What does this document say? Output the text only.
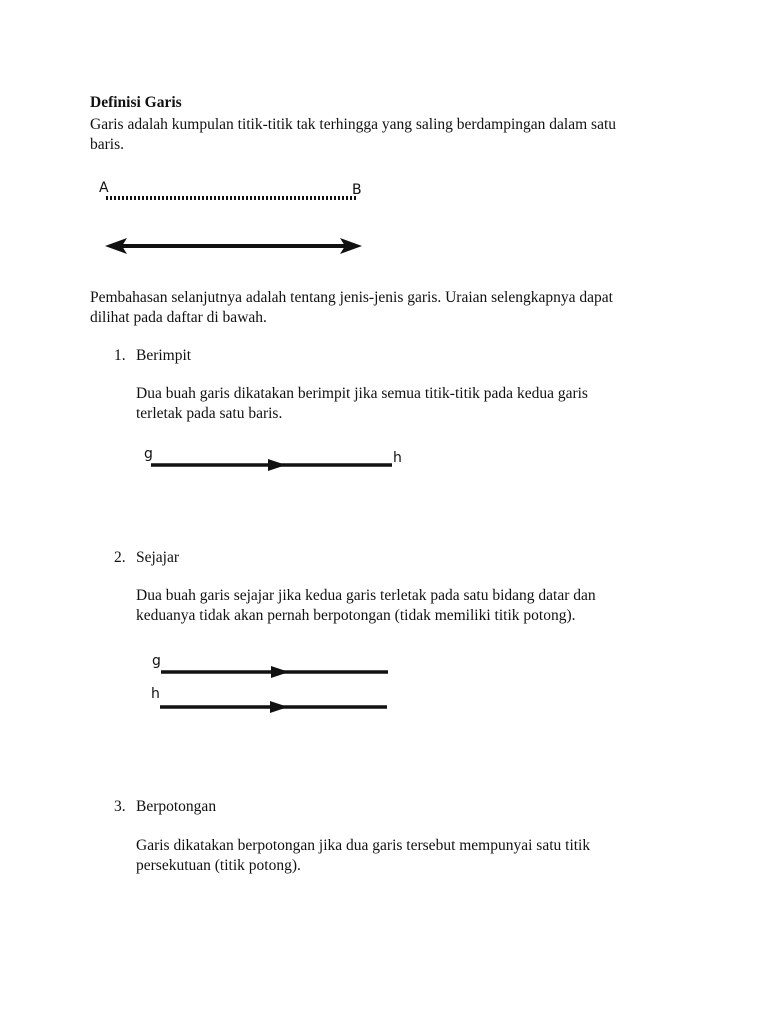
Definisi Garis
Garis adalah kumpulan titik-titik tak terhingga yang saling berdampingan dalam satu
baris.
A	B
Pembahasan selanjutnya adalah tentang jenis-jenis garis. Uraian selengkapnya dapat
dilihat pada daftar di bawah.
1. Berimpit
Dua buah garis dikatakan berimpit jika semua titik-titik pada kedua garis
terletak pada satu baris.
g	h
2. Sejajar
Dua buah garis sejajar jika kedua garis terletak pada satu bidang datar dan
keduanya tidak akan pernah berpotongan (tidak memiliki titik potong).
g
h
3. Berpotongan
Garis dikatakan berpotongan jika dua garis tersebut mempunyai satu titik
persekutuan (titik potong).
